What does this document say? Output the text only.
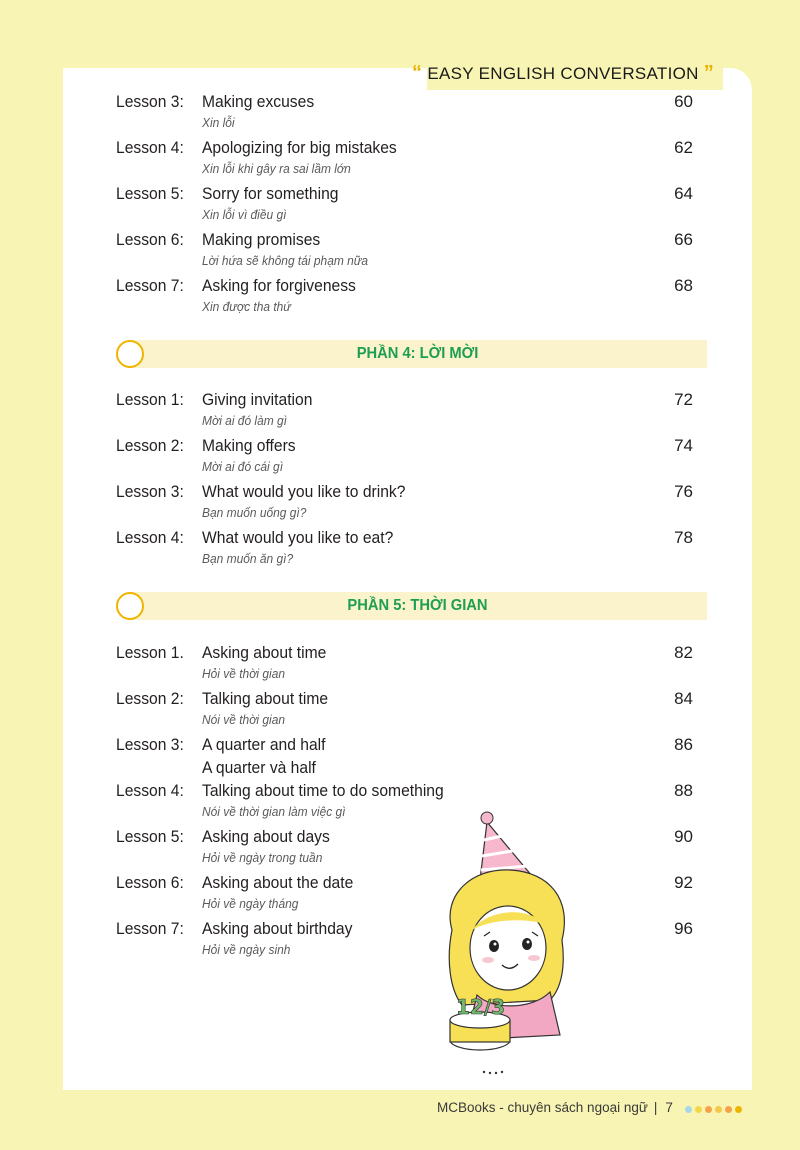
“ EASY ENGLISH CONVERSATION ”
Lesson 3: Making excuses
Xin lỗi
60
Lesson 4: Apologizing for big mistakes
Xin lỗi khi gây ra sai lầm lớn
62
Lesson 5: Sorry for something
Xin lỗi vì điều gì
64
Lesson 6: Making promises
Lời hứa sẽ không tái phạm nữa
66
Lesson 7: Asking for forgiveness
Xin được tha thứ
68
PHẦN 4: LỜI MỜI
Lesson 1: Giving invitation
Mời ai đó làm gì
72
Lesson 2: Making offers
Mời ai đó cái gì
74
Lesson 3: What would you like to drink?
Bạn muốn uống gì?
76
Lesson 4: What would you like to eat?
Bạn muốn ăn gì?
78
PHẦN 5: THỜI GIAN
Lesson 1. Asking about time
Hỏi về thời gian
82
Lesson 2: Talking about time
Nói về thời gian
84
Lesson 3: A quarter and half
A quarter và half
86
Lesson 4: Talking about time to do something
Nói về thời gian làm việc gì
88
Lesson 5: Asking about days
Hỏi về ngày trong tuần
90
Lesson 6: Asking about the date
Hỏi về ngày tháng
92
Lesson 7: Asking about birthday
Hỏi về ngày sinh
96
12/3
MCBooks - chuyên sách ngoại ngữ | 7
